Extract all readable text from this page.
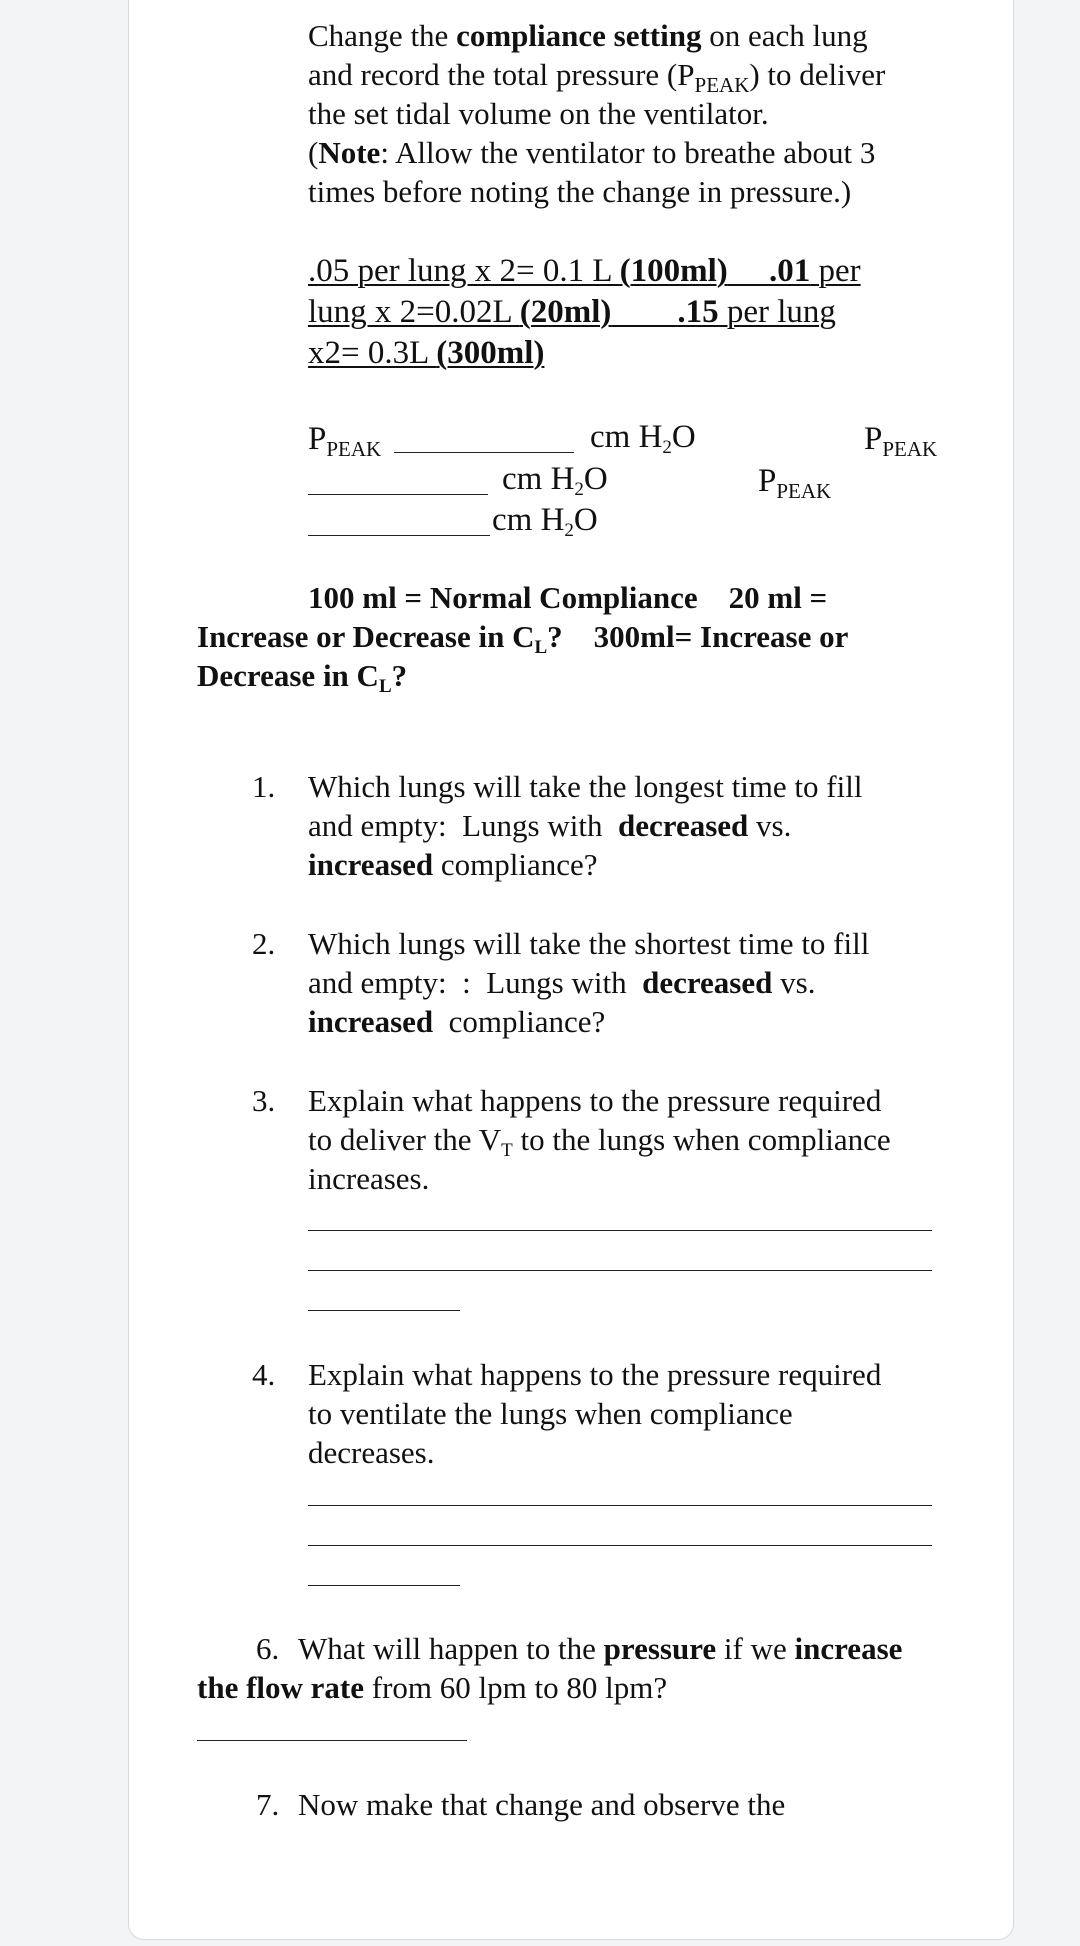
Change the compliance setting on each lung
and record the total pressure $(P_{PEAK})$ to deliver
the set tidal volume on the ventilator.
(Note: Allow the ventilator to breathe about 3
times before noting the change in pressure.)
.05 per lung x 2= 0.1 L (100ml) .01 per
lung x 2=0.02L (20ml) .15 per lung
x2= 0.3L (300ml)
$P_{PEAK}$	cm H2O	$P_{PEAK}$
cm H2O	$P_{PEAK}$
cm H2O
100 ml = Normal Compliance    20 ml =
Increase or Decrease in CL?    300ml= Increase or
Decrease in CL?
1. Which lungs will take the longest time to fill
and empty:  Lungs with  decreased vs.
increased compliance?
2. Which lungs will take the shortest time to fill
and empty:  :  Lungs with  decreased vs.
increased  compliance?
3. Explain what happens to the pressure required
to deliver the VT to the lungs when compliance
increases.
4. Explain what happens to the pressure required
to ventilate the lungs when compliance
decreases.
6. What will happen to the pressure if we increase
the flow rate from 60 lpm to 80 lpm?
7. Now make that change and observe the
